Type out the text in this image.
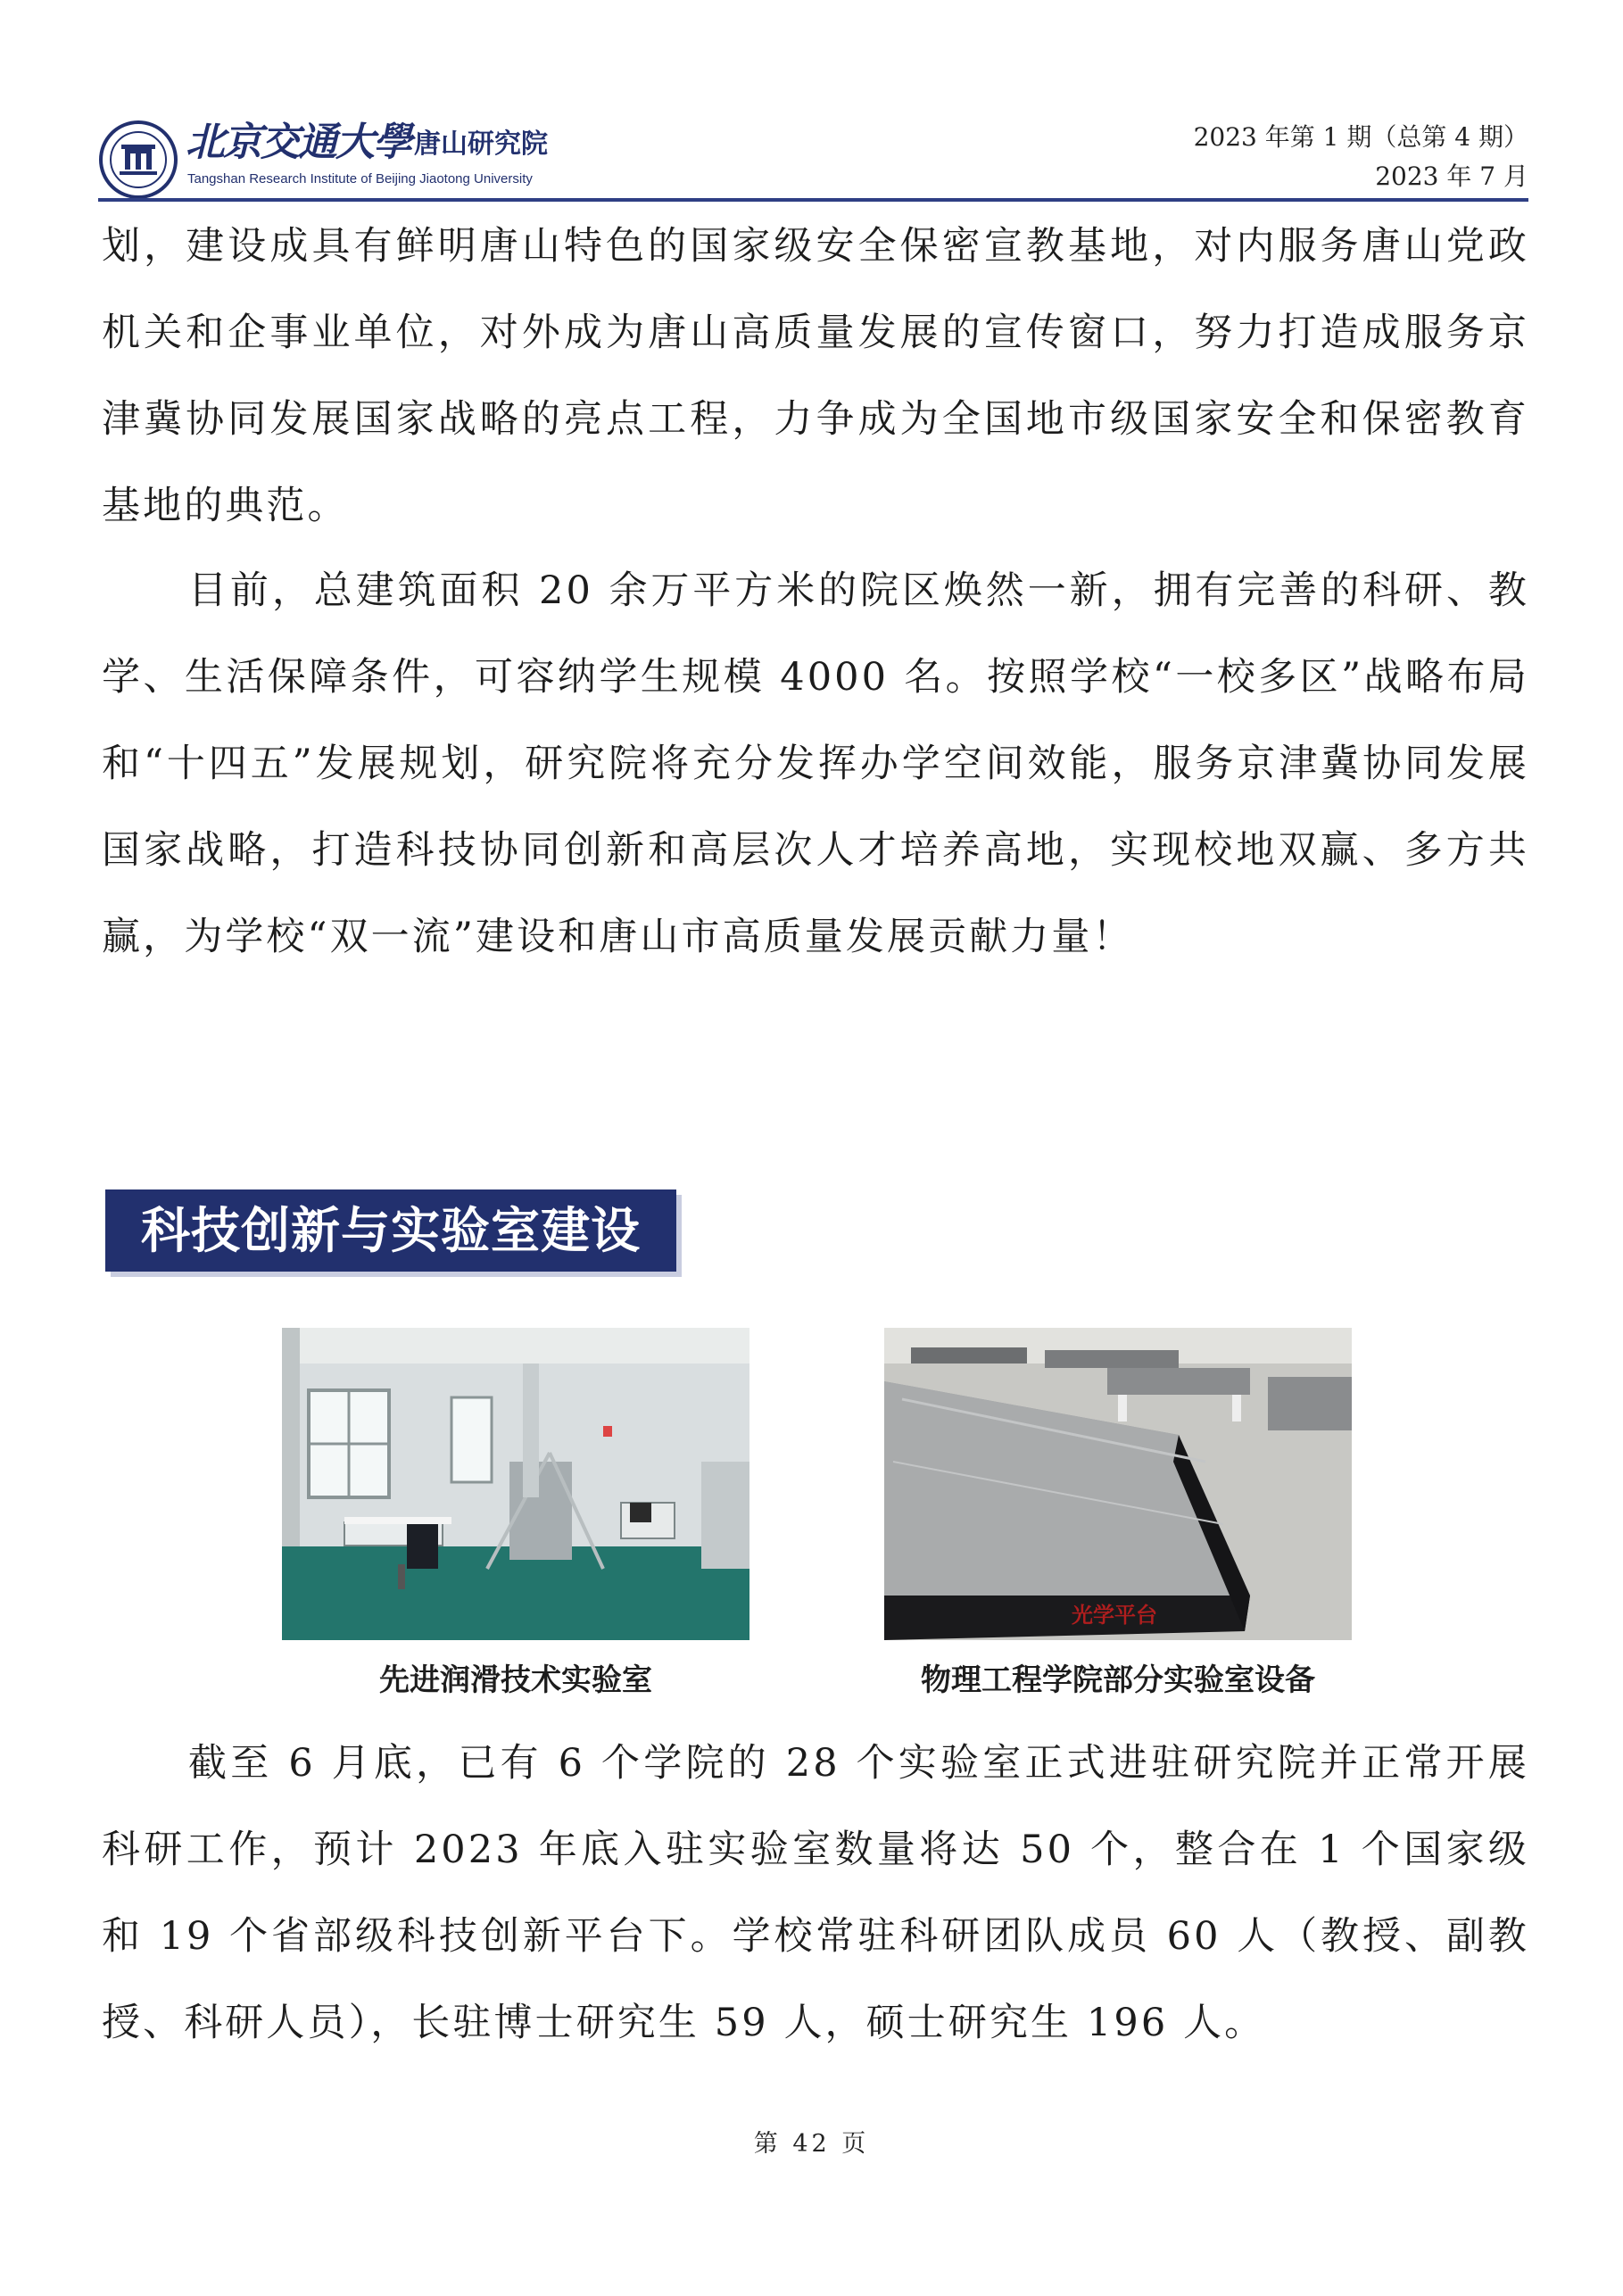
北京交通大學 唐山研究院
Tangshan Research Institute of Beijing Jiaotong University
2023 年第 1 期（总第 4 期）
2023 年 7 月

划，建设成具有鲜明唐山特色的国家级安全保密宣教基地，对内服务唐山党政机关和企事业单位，对外成为唐山高质量发展的宣传窗口，努力打造成服务京津冀协同发展国家战略的亮点工程，力争成为全国地市级国家安全和保密教育基地的典范。

目前，总建筑面积 20 余万平方米的院区焕然一新，拥有完善的科研、教学、生活保障条件，可容纳学生规模 4000 名。按照学校“一校多区”战略布局和“十四五”发展规划，研究院将充分发挥办学空间效能，服务京津冀协同发展国家战略，打造科技协同创新和高层次人才培养高地，实现校地双赢、多方共赢，为学校“双一流”建设和唐山市高质量发展贡献力量！

科技创新与实验室建设
光学平台
先进润滑技术实验室	物理工程学院部分实验室设备

截至 6 月底，已有 6 个学院的 28 个实验室正式进驻研究院并正常开展科研工作，预计 2023 年底入驻实验室数量将达 50 个，整合在 1 个国家级和 19 个省部级科技创新平台下。学校常驻科研团队成员 60 人（教授、副教授、科研人员），长驻博士研究生 59 人，硕士研究生 196 人。

第 42 页
